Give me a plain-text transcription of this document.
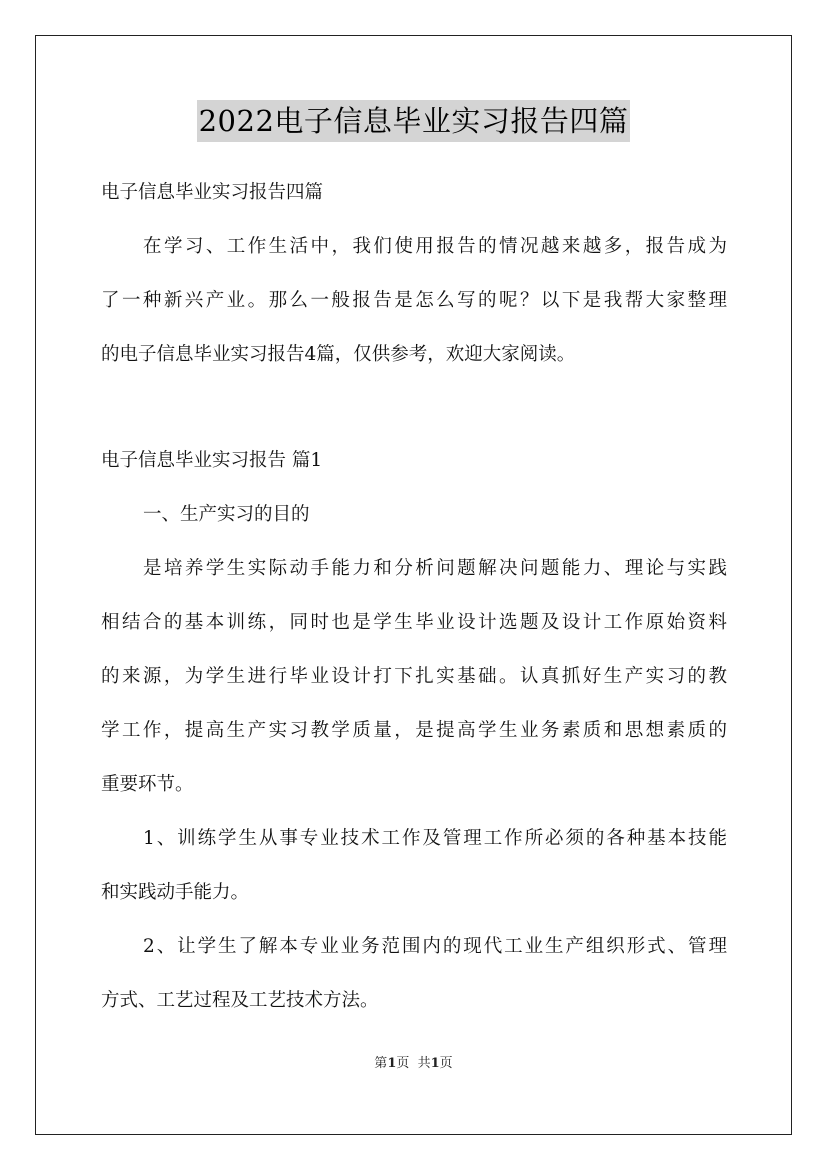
2022电子信息毕业实习报告四篇
电子信息毕业实习报告四篇
在学习、工作生活中，我们使用报告的情况越来越多，报告成为
了一种新兴产业。那么一般报告是怎么写的呢？以下是我帮大家整理
的电子信息毕业实习报告4篇，仅供参考，欢迎大家阅读。
电子信息毕业实习报告 篇1
一、生产实习的目的
是培养学生实际动手能力和分析问题解决问题能力、理论与实践
相结合的基本训练，同时也是学生毕业设计选题及设计工作原始资料
的来源，为学生进行毕业设计打下扎实基础。认真抓好生产实习的教
学工作，提高生产实习教学质量，是提高学生业务素质和思想素质的
重要环节。
1、训练学生从事专业技术工作及管理工作所必须的各种基本技能
和实践动手能力。
2、让学生了解本专业业务范围内的现代工业生产组织形式、管理
方式、工艺过程及工艺技术方法。
第1页  共1页
